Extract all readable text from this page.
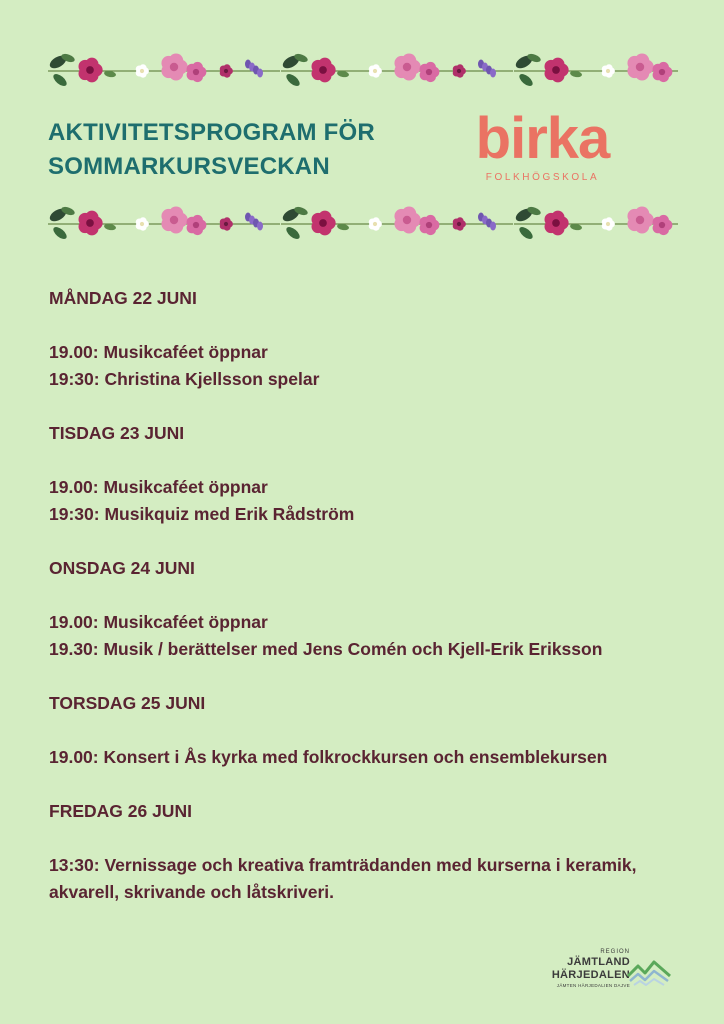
AKTIVITETSPROGRAM FÖR
SOMMARKURSVECKAN	birka
FOLKHÖGSKOLA
MÅNDAG 22 JUNI
19.00: Musikcaféet öppnar
19:30: Christina Kjellsson spelar
TISDAG 23 JUNI
19.00: Musikcaféet öppnar
19:30: Musikquiz med Erik Rådström
ONSDAG 24 JUNI
19.00: Musikcaféet öppnar
19.30: Musik / berättelser med Jens Comén och Kjell-Erik Eriksson
TORSDAG 25 JUNI
19.00: Konsert i Ås kyrka med folkrockkursen och ensemblekursen
FREDAG 26 JUNI
13:30: Vernissage och kreativa framträdanden med kurserna i keramik, akvarell, skrivande och låtskriveri.
REGION
JÄMTLAND
HÄRJEDALEN
JÄMTEN HÄRJEDALIEN DAJVE
